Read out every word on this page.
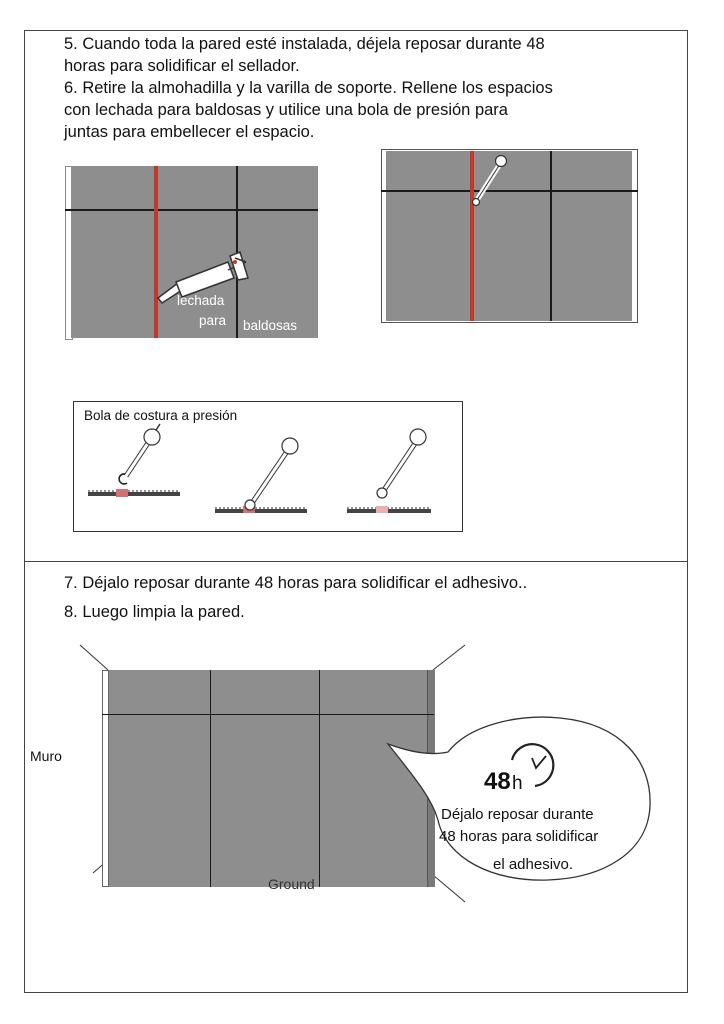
5. Cuando toda la pared esté instalada, déjela reposar durante 48
horas para solidificar el sellador.
6. Retire la almohadilla y la varilla de soporte. Rellene los espacios
con lechada para baldosas y utilice una bola de presión para
juntas para embellecer el espacio.
lechada
para baldosas
Bola de costura a presión
7. Déjalo reposar durante 48 horas para solidificar el adhesivo..
8. Luego limpia la pared.
Muro
Ground
48 h
Déjalo reposar durante
48 horas para solidificar
el adhesivo.
